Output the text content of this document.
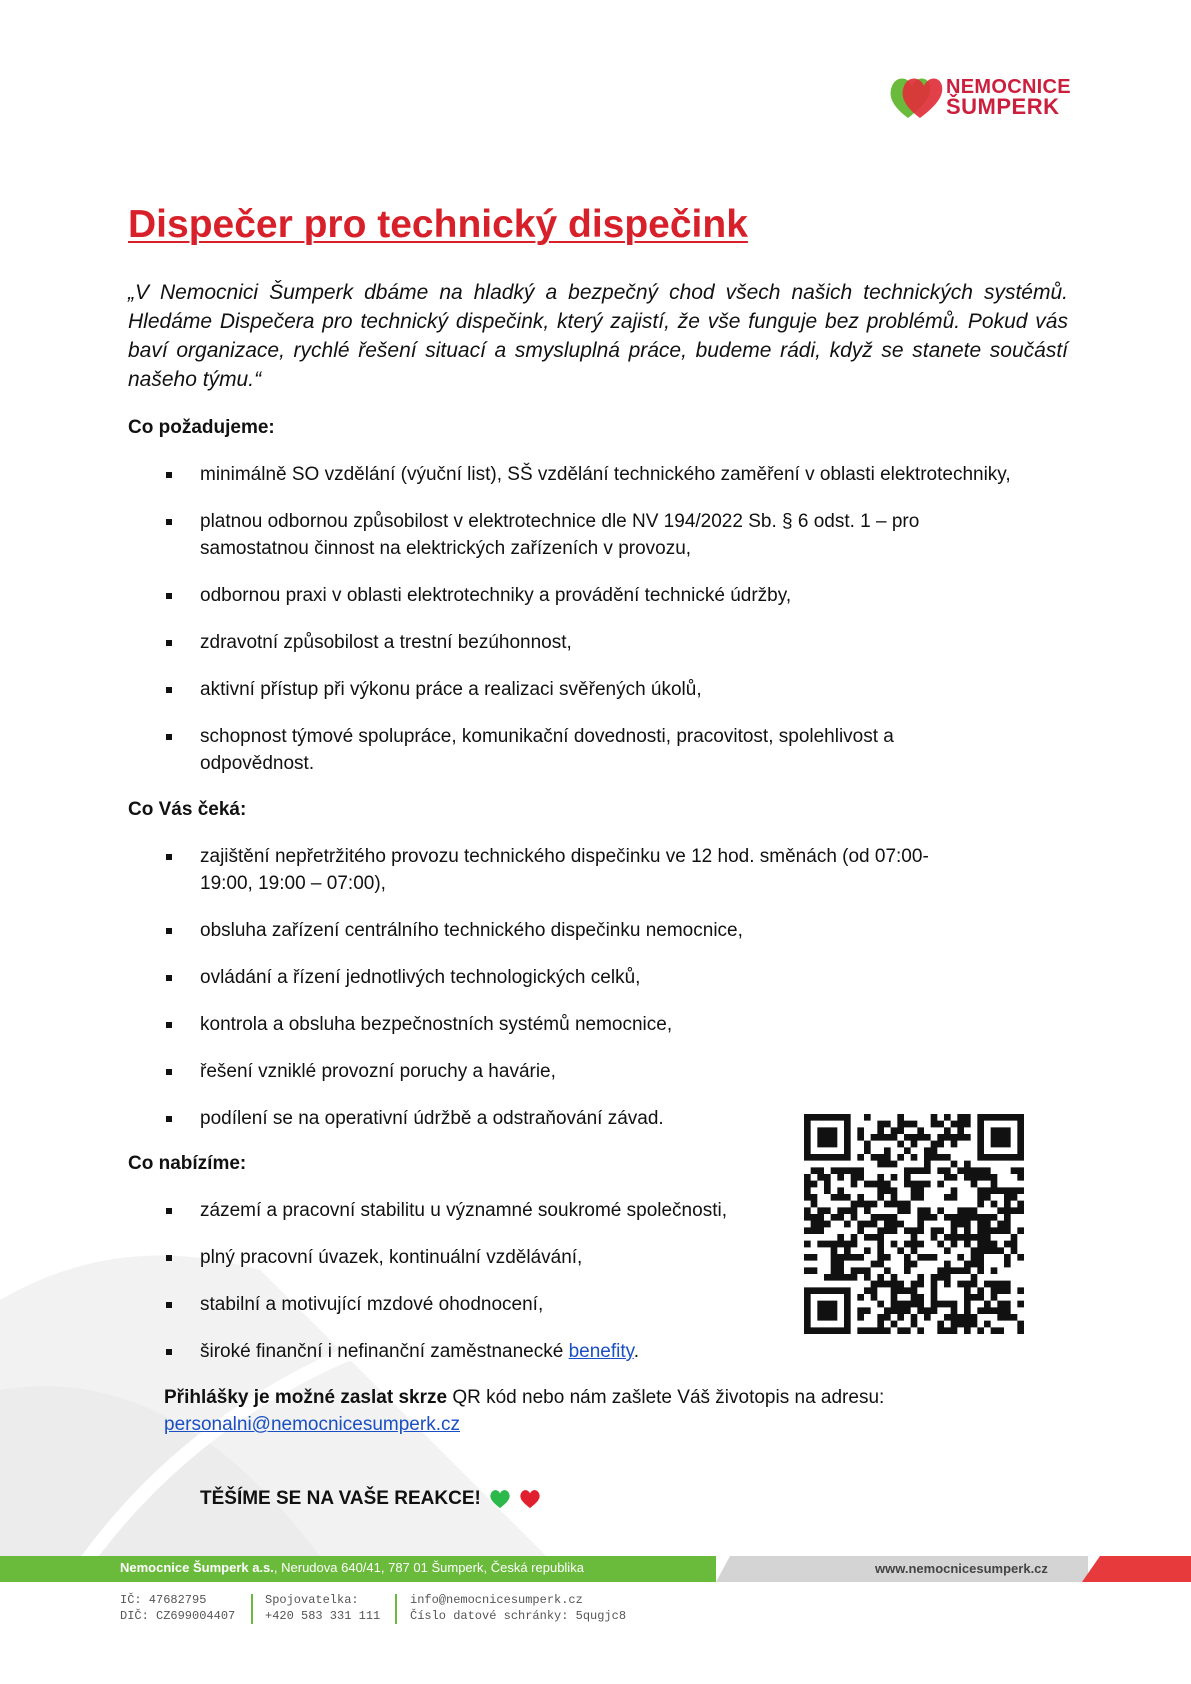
NEMOCNICE
ŠUMPERK
Dispečer pro technický dispečink

„V Nemocnici Šumperk dbáme na hladký a bezpečný chod všech našich technických systémů. Hledáme Dispečera pro technický dispečink, který zajistí, že vše funguje bez problémů. Pokud vás baví organizace, rychlé řešení situací a smysluplná práce, budeme rádi, když se stanete součástí našeho týmu.“

Co požadujeme:

minimálně SO vzdělání (výuční list), SŠ vzdělání technického zaměření v oblasti elektrotechniky,
platnou odbornou způsobilost v elektrotechnice dle NV 194/2022 Sb. § 6 odst. 1 – pro samostatnou činnost na elektrických zařízeních v provozu,
odbornou praxi v oblasti elektrotechniky a provádění technické údržby,
zdravotní způsobilost a trestní bezúhonnost,
aktivní přístup při výkonu práce a realizaci svěřených úkolů,
schopnost týmové spolupráce, komunikační dovednosti, pracovitost, spolehlivost a odpovědnost.

Co Vás čeká:

zajištění nepřetržitého provozu technického dispečinku ve 12 hod. směnách (od 07:00-19:00, 19:00 – 07:00),
obsluha zařízení centrálního technického dispečinku nemocnice,
ovládání a řízení jednotlivých technologických celků,
kontrola a obsluha bezpečnostních systémů nemocnice,
řešení vzniklé provozní poruchy a havárie,
podílení se na operativní údržbě a odstraňování závad.

Co nabízíme:

zázemí a pracovní stabilitu u významné soukromé společnosti,
plný pracovní úvazek, kontinuální vzdělávání,
stabilní a motivující mzdové ohodnocení,
široké finanční i nefinanční zaměstnanecké benefity.

Přihlášky je možné zaslat skrze QR kód nebo nám zašlete Váš životopis na adresu:
personalni@nemocnicesumperk.cz

TĚŠÍME SE NA VAŠE REAKCE!

Nemocnice Šumperk a.s., Nerudova 640/41, 787 01 Šumperk, Česká republika	www.nemocnicesumperk.cz
IČ: 47682795
DIČ: CZ699004407
Spojovatelka:
+420 583 331 111
info@nemocnicesumperk.cz
Číslo datové schránky: 5qugjc8
